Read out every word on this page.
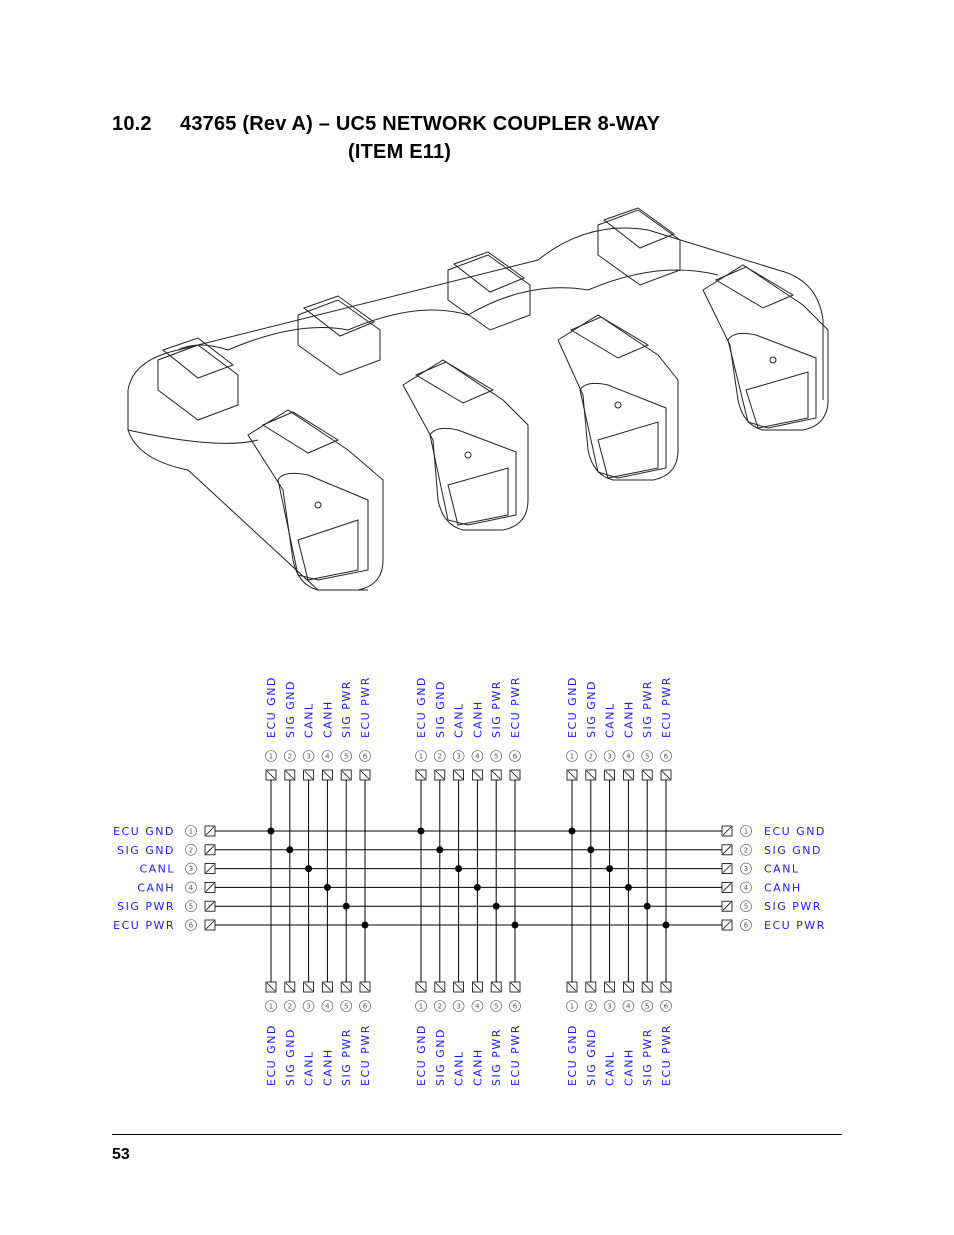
10.2 43765 (Rev A) – UC5 NETWORK COUPLER 8-WAY
(ITEM E11)
1	1
ECU GND	ECU GND
2	2
SIG GND	SIG GND
3	3
CANL	CANL
4	4
CANH	CANH
5	5
SIG PWR	SIG PWR
6	6
ECU PWR	ECU PWR
1
1
ECU GND
ECU GND
2
2
SIG GND
SIG GND
3
3
CANL
CANL
4
4
CANH
CANH
5
5
SIG PWR
SIG PWR
6
6
ECU PWR
ECU PWR
1
1
ECU GND
ECU GND
2
2
SIG GND
SIG GND
3
3
CANL
CANL
4
4
CANH
CANH
5
5
SIG PWR
SIG PWR
6
6
ECU PWR
ECU PWR
1
1
ECU GND
ECU GND
2
2
SIG GND
SIG GND
3
3
CANL
CANL
4
4
CANH
CANH
5
5
SIG PWR
SIG PWR
6
6
ECU PWR
ECU PWR
53
